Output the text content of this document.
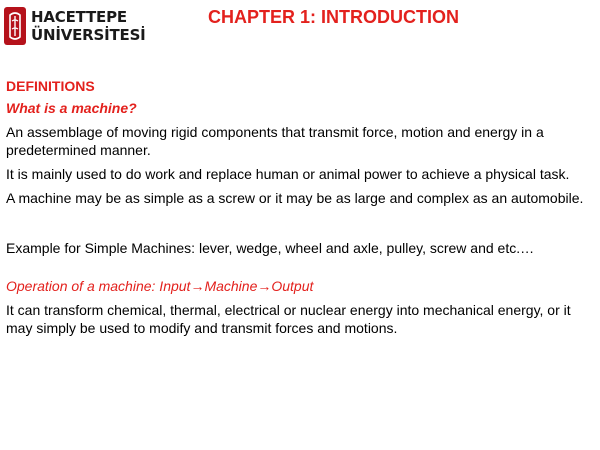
HACETTEPE
ÜNİVERSİTESİ
CHAPTER 1: INTRODUCTION

DEFINITIONS

What is a machine?

An assemblage of moving rigid components that transmit force, motion and energy in a predetermined manner.

It is mainly used to do work and replace human or animal power to achieve a physical task.

A machine may be as simple as a screw or it may be as large and complex as an automobile.

Example for Simple Machines: lever, wedge, wheel and axle, pulley, screw and etc.…

Operation of a machine: Input→Machine→Output

It can transform chemical, thermal, electrical or nuclear energy into mechanical energy, or it may simply be used to modify and transmit forces and motions.
